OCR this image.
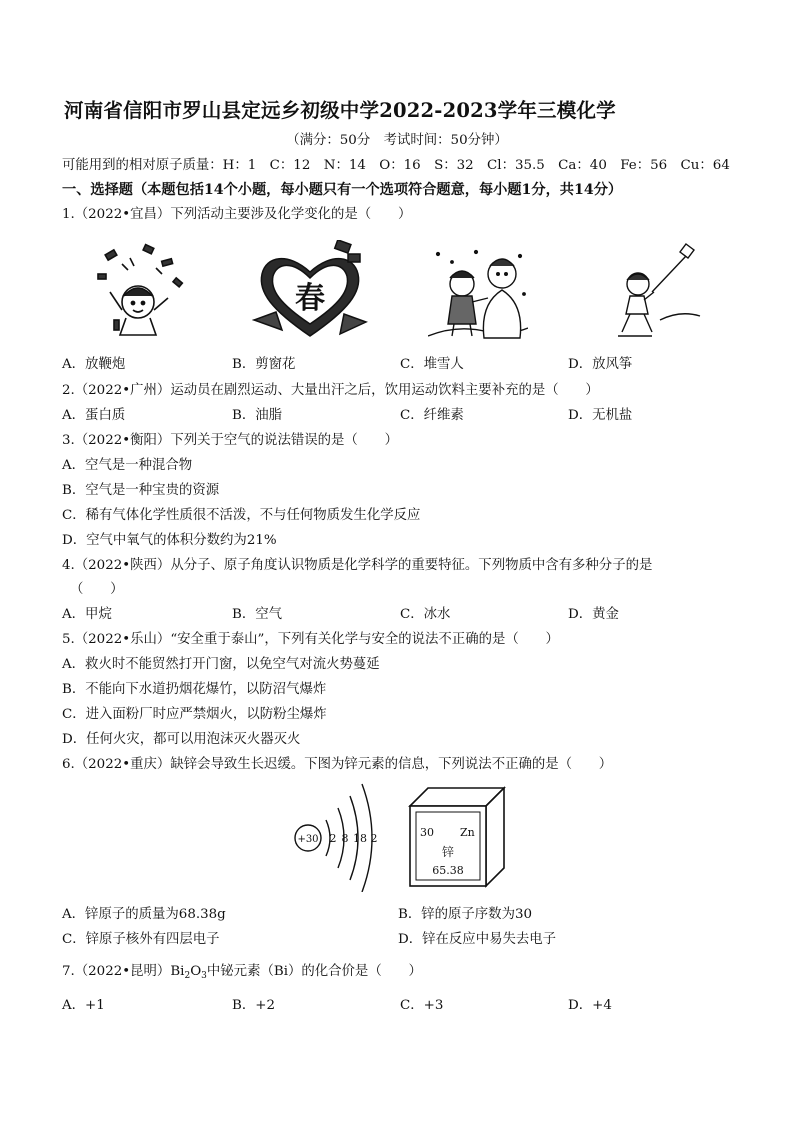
河南省信阳市罗山县定远乡初级中学2022-2023学年三模化学
（满分：50分　考试时间：50分钟）
可能用到的相对原子质量：H：1　C：12　N：14　O：16　S：32　Cl：35.5　Ca：40　Fe：56　Cu：64
一、选择题（本题包括14个小题，每小题只有一个选项符合题意，每小题1分，共14分）
1.（2022•宜昌）下列活动主要涉及化学变化的是（　　）
春
A．放鞭炮	B．剪窗花	C．堆雪人	D．放风筝
2.（2022•广州）运动员在剧烈运动、大量出汗之后，饮用运动饮料主要补充的是（　　）
A．蛋白质	B．油脂	C．纤维素	D．无机盐
3.（2022•衡阳）下列关于空气的说法错误的是（　　）
A．空气是一种混合物
B．空气是一种宝贵的资源
C．稀有气体化学性质很不活泼，不与任何物质发生化学反应
D．空气中氧气的体积分数约为21%
4.（2022•陕西）从分子、原子角度认识物质是化学科学的重要特征。下列物质中含有多种分子的是
（　　）
A．甲烷	B．空气	C．冰水	D．黄金
5.（2022•乐山）“安全重于泰山”，下列有关化学与安全的说法不正确的是（　　）
A．救火时不能贸然打开门窗，以免空气对流火势蔓延
B．不能向下水道扔烟花爆竹，以防沼气爆炸
C．进入面粉厂时应严禁烟火，以防粉尘爆炸
D．任何火灾，都可以用泡沫灭火器灭火
6.（2022•重庆）缺锌会导致生长迟缓。下图为锌元素的信息，下列说法不正确的是（　　）
+30 2 8 18 2	30 Zn
锌
65.38
A．锌原子的质量为68.38g	B．锌的原子序数为30
C．锌原子核外有四层电子	D．锌在反应中易失去电子
7.（2022•昆明）$Bi_2O_3$中铋元素（Bi）的化合价是（　　）
A．+1	B．+2	C．+3	D．+4
